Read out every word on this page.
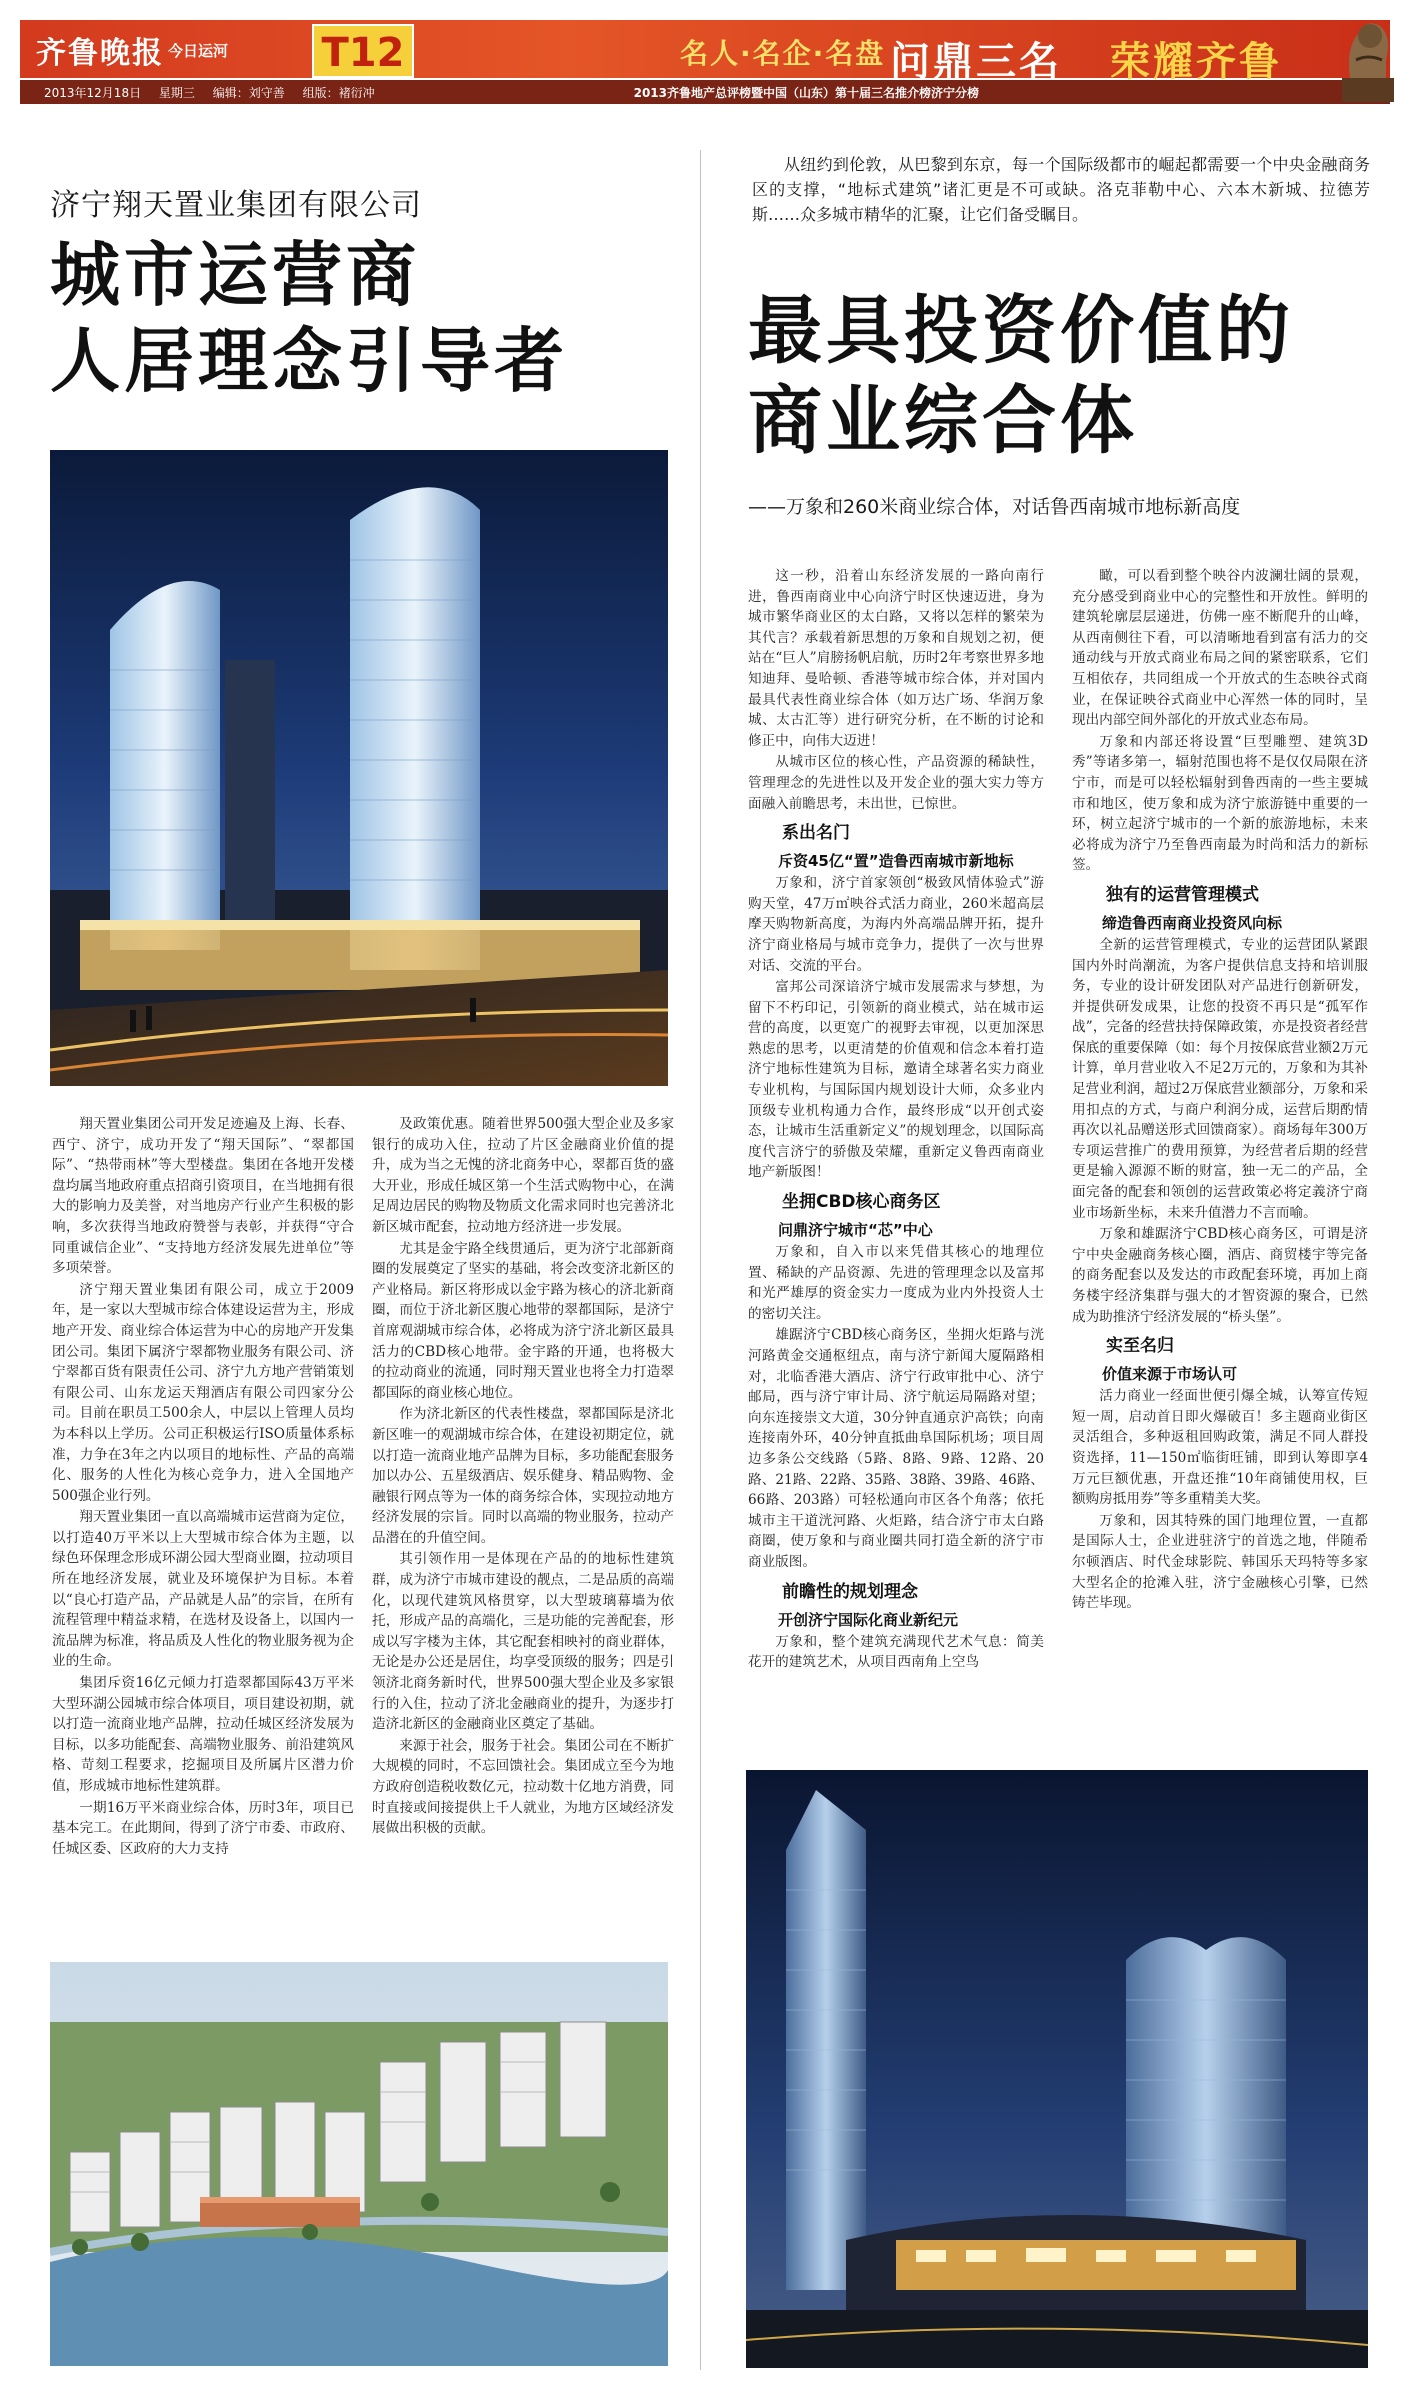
齐鲁晚报 今日运河 T12
2013年12月18日 星期三 编辑：刘守善 组版：褚衍冲
名人·名企·名盘 问鼎三名 荣耀齐鲁
2013齐鲁地产总评榜暨中国（山东）第十届三名推介榜济宁分榜
济宁翔天置业集团有限公司
城市运营商
人居理念引导者

翔天置业集团公司开发足迹遍及上海、长春、西宁、济宁，成功开发了“翔天国际”、“翠都国际”、“热带雨林”等大型楼盘。集团在各地开发楼盘均属当地政府重点招商引资项目，在当地拥有很大的影响力及美誉，对当地房产行业产生积极的影响，多次获得当地政府赞誉与表彰，并获得“守合同重诚信企业”、“支持地方经济发展先进单位”等多项荣誉。

济宁翔天置业集团有限公司，成立于2009年，是一家以大型城市综合体建设运营为主，形成地产开发、商业综合体运营为中心的房地产开发集团公司。集团下属济宁翠都物业服务有限公司、济宁翠都百货有限责任公司、济宁九方地产营销策划有限公司、山东龙运天翔酒店有限公司四家分公司。目前在职员工500余人，中层以上管理人员均为本科以上学历。公司正积极运行ISO质量体系标准，力争在3年之内以项目的地标性、产品的高端化、服务的人性化为核心竞争力，进入全国地产500强企业行列。

翔天置业集团一直以高端城市运营商为定位，以打造40万平米以上大型城市综合体为主题，以绿色环保理念形成环湖公园大型商业圈，拉动项目所在地经济发展，就业及环境保护为目标。本着以“良心打造产品，产品就是人品”的宗旨，在所有流程管理中精益求精，在选材及设备上，以国内一流品牌为标准，将品质及人性化的物业服务视为企业的生命。

集团斥资16亿元倾力打造翠都国际43万平米大型环湖公园城市综合体项目，项目建设初期，就以打造一流商业地产品牌，拉动任城区经济发展为目标，以多功能配套、高端物业服务、前沿建筑风格、苛刻工程要求，挖掘项目及所属片区潜力价值，形成城市地标性建筑群。

一期16万平米商业综合体，历时3年，项目已基本完工。在此期间，得到了济宁市委、市政府、任城区委、区政府的大力支持

及政策优惠。随着世界500强大型企业及多家银行的成功入住，拉动了片区金融商业价值的提升，成为当之无愧的济北商务中心，翠都百货的盛大开业，形成任城区第一个生活式购物中心，在满足周边居民的购物及物质文化需求同时也完善济北新区城市配套，拉动地方经济进一步发展。

尤其是金宇路全线贯通后，更为济宁北部新商圈的发展奠定了坚实的基础，将会改变济北新区的产业格局。新区将形成以金宇路为核心的济北新商圈，而位于济北新区腹心地带的翠都国际，是济宁首席观湖城市综合体，必将成为济宁济北新区最具活力的CBD核心地带。金宇路的开通，也将极大的拉动商业的流通，同时翔天置业也将全力打造翠都国际的商业核心地位。

作为济北新区的代表性楼盘，翠都国际是济北新区唯一的观湖城市综合体，在建设初期定位，就以打造一流商业地产品牌为目标，多功能配套服务加以办公、五星级酒店、娱乐健身、精品购物、金融银行网点等为一体的商务综合体，实现拉动地方经济发展的宗旨。同时以高端的物业服务，拉动产品潜在的升值空间。

其引领作用一是体现在产品的的地标性建筑群，成为济宁市城市建设的靓点，二是品质的高端化，以现代建筑风格贯穿，以大型玻璃幕墙为依托，形成产品的高端化，三是功能的完善配套，形成以写字楼为主体，其它配套相映衬的商业群体，无论是办公还是居住，均享受顶级的服务；四是引领济北商务新时代，世界500强大型企业及多家银行的入住，拉动了济北金融商业的提升，为逐步打造济北新区的金融商业区奠定了基础。

来源于社会，服务于社会。集团公司在不断扩大规模的同时，不忘回馈社会。集团成立至今为地方政府创造税收数亿元，拉动数十亿地方消费，同时直接或间接提供上千人就业，为地方区域经济发展做出积极的贡献。

从纽约到伦敦，从巴黎到东京，每一个国际级都市的崛起都需要一个中央金融商务区的支撑，“地标式建筑”诸汇更是不可或缺。洛克菲勒中心、六本木新城、拉德芳斯……众多城市精华的汇聚，让它们备受瞩目。
最具投资价值的
商业综合体
——万象和260米商业综合体，对话鲁西南城市地标新高度

这一秒，沿着山东经济发展的一路向南行进，鲁西南商业中心向济宁时区快速迈进，身为城市繁华商业区的太白路，又将以怎样的繁荣为其代言？承载着新思想的万象和自规划之初，便站在“巨人”肩膀扬帆启航，历时2年考察世界多地知迪拜、曼哈顿、香港等城市综合体，并对国内最具代表性商业综合体（如万达广场、华润万象城、太古汇等）进行研究分析，在不断的讨论和修正中，向伟大迈进！

从城市区位的核心性，产品资源的稀缺性，管理理念的先进性以及开发企业的强大实力等方面融入前瞻思考，未出世，已惊世。

系出名门

斥资45亿“置”造鲁西南城市新地标

万象和，济宁首家领创“极致风情体验式”游购天堂，47万㎡映谷式活力商业，260米超高层摩天购物新高度，为海内外高端品牌开拓，提升济宁商业格局与城市竞争力，提供了一次与世界对话、交流的平台。

富邦公司深谙济宁城市发展需求与梦想，为留下不朽印记，引领新的商业模式，站在城市运营的高度，以更宽广的视野去审视，以更加深思熟虑的思考，以更清楚的价值观和信念本着打造济宁地标性建筑为目标，邀请全球著名实力商业专业机构，与国际国内规划设计大师，众多业内顶级专业机构通力合作，最终形成“以开创式姿态，让城市生活重新定义”的规划理念，以国际高度代言济宁的骄傲及荣耀，重新定义鲁西南商业地产新版图！

坐拥CBD核心商务区

问鼎济宁城市“芯”中心

万象和，自入市以来凭借其核心的地理位置、稀缺的产品资源、先进的管理理念以及富邦和光严雄厚的资金实力一度成为业内外投资人士的密切关注。

雄踞济宁CBD核心商务区，坐拥火炬路与洸河路黄金交通枢纽点，南与济宁新闻大厦隔路相对，北临香港大酒店、济宁行政审批中心、济宁邮局，西与济宁审计局、济宁航运局隔路对望；向东连接崇文大道，30分钟直通京沪高铁；向南连接南外环，40分钟直抵曲阜国际机场；项目周边多条公交线路（5路、8路、9路、12路、20路、21路、22路、35路、38路、39路、46路、66路、203路）可轻松通向市区各个角落；依托城市主干道洸河路、火炬路，结合济宁市太白路商圈，使万象和与商业圈共同打造全新的济宁市商业版图。

前瞻性的规划理念

开创济宁国际化商业新纪元

万象和，整个建筑充满现代艺术气息：简美花开的建筑艺术，从项目西南角上空鸟

瞰，可以看到整个映谷内波澜壮阔的景观，充分感受到商业中心的完整性和开放性。鲜明的建筑轮廓层层递进，仿佛一座不断爬升的山峰，从西南侧往下看，可以清晰地看到富有活力的交通动线与开放式商业布局之间的紧密联系，它们互相依存，共同组成一个开放式的生态映谷式商业，在保证映谷式商业中心浑然一体的同时，呈现出内部空间外部化的开放式业态布局。

万象和内部还将设置“巨型雕塑、建筑3D秀”等诸多第一，辐射范围也将不是仅仅局限在济宁市，而是可以轻松辐射到鲁西南的一些主要城市和地区，使万象和成为济宁旅游链中重要的一环，树立起济宁城市的一个新的旅游地标，未来必将成为济宁乃至鲁西南最为时尚和活力的新标签。

独有的运营管理模式

缔造鲁西南商业投资风向标

全新的运营管理模式，专业的运营团队紧跟国内外时尚潮流，为客户提供信息支持和培训服务，专业的设计研发团队对产品进行创新研发，并提供研发成果，让您的投资不再只是“孤军作战”，完备的经营扶持保障政策，亦是投资者经营保底的重要保障（如：每个月按保底营业额2万元计算，单月营业收入不足2万元的，万象和为其补足营业利润，超过2万保底营业额部分，万象和采用扣点的方式，与商户利润分成，运营后期酌情再次以礼品赠送形式回馈商家）。商场每年300万专项运营推广的费用预算，为经营者后期的经营更是输入源源不断的财富，独一无二的产品，全面完备的配套和领创的运营政策必将定義济宁商业市场新坐标，未来升值潜力不言而喻。

万象和雄踞济宁CBD核心商务区，可谓是济宁中央金融商务核心圈，酒店、商贸楼宇等完备的商务配套以及发达的市政配套环境，再加上商务楼宇经济集群与强大的才智资源的聚合，已然成为助推济宁经济发展的“桥头堡”。

实至名归

价值来源于市场认可

活力商业一经面世便引爆全城，认筹宣传短短一周，启动首日即火爆破百！多主题商业街区灵活组合，多种返租回购政策，满足不同人群投资选择，11—150㎡临街旺铺，即到认筹即享4万元巨额优惠，开盘还推“10年商铺使用权，巨额购房抵用券”等多重精美大奖。

万象和，因其特殊的国门地理位置，一直都是国际人士，企业进驻济宁的首选之地，伴随希尔顿酒店、时代金球影院、韩国乐天玛特等多家大型名企的抢滩入驻，济宁金融核心引擎，已然铸芒毕现。
